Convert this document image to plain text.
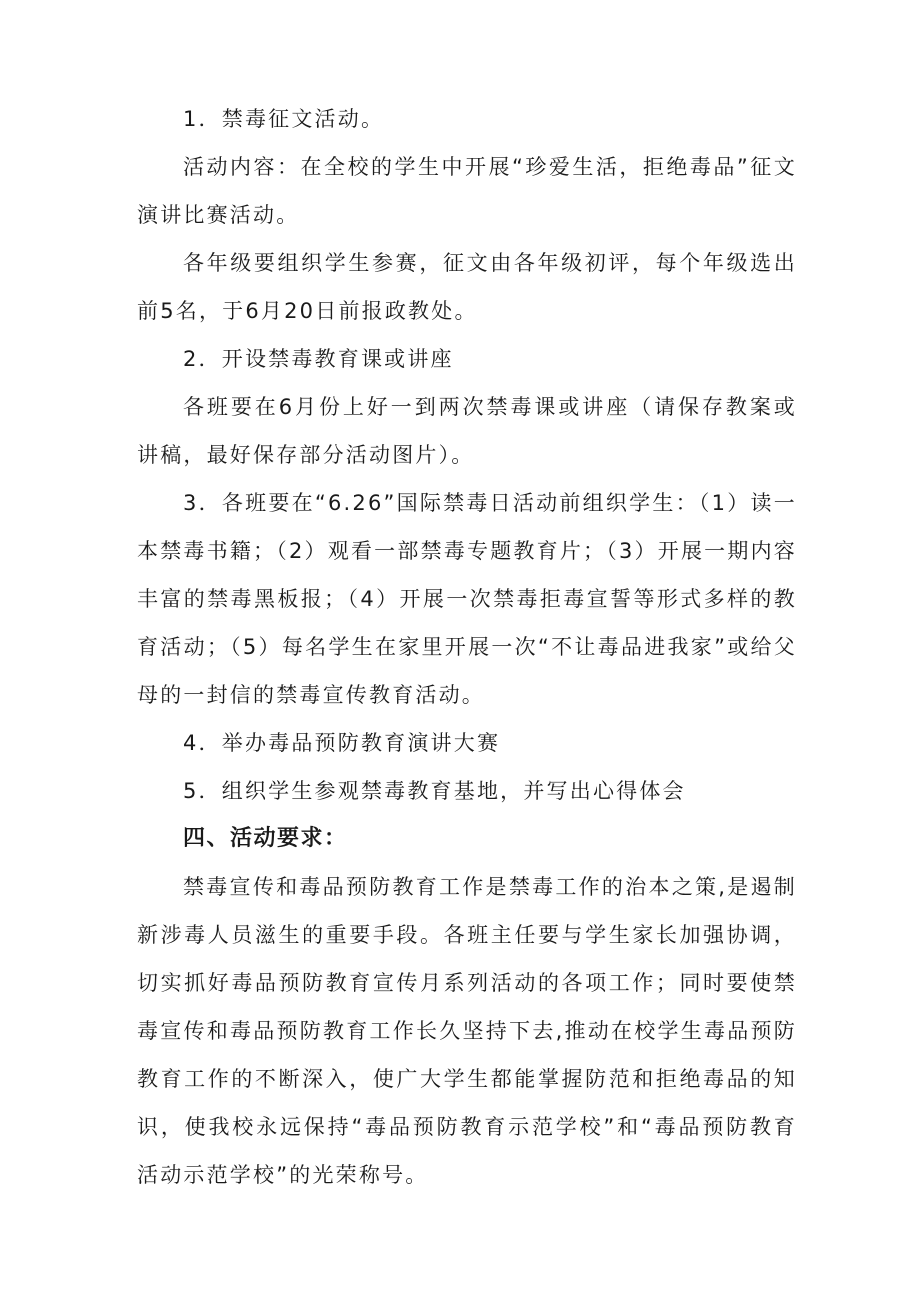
1．禁毒征文活动。

活动内容：在全校的学生中开展“珍爱生活，拒绝毒品”征文演讲比赛活动。

各年级要组织学生参赛，征文由各年级初评，每个年级选出前5名，于6月20日前报政教处。

2．开设禁毒教育课或讲座

各班要在6月份上好一到两次禁毒课或讲座（请保存教案或讲稿，最好保存部分活动图片）。

3．各班要在“6.26”国际禁毒日活动前组织学生：（1）读一本禁毒书籍；（2）观看一部禁毒专题教育片；（3）开展一期内容丰富的禁毒黑板报；（4）开展一次禁毒拒毒宣誓等形式多样的教育活动；（5）每名学生在家里开展一次“不让毒品进我家”或给父母的一封信的禁毒宣传教育活动。

4．举办毒品预防教育演讲大赛

5．组织学生参观禁毒教育基地，并写出心得体会

四、活动要求：

禁毒宣传和毒品预防教育工作是禁毒工作的治本之策,是遏制新涉毒人员滋生的重要手段。各班主任要与学生家长加强协调，切实抓好毒品预防教育宣传月系列活动的各项工作；同时要使禁毒宣传和毒品预防教育工作长久坚持下去,推动在校学生毒品预防教育工作的不断深入，使广大学生都能掌握防范和拒绝毒品的知识，使我校永远保持“毒品预防教育示范学校”和“毒品预防教育活动示范学校”的光荣称号。
